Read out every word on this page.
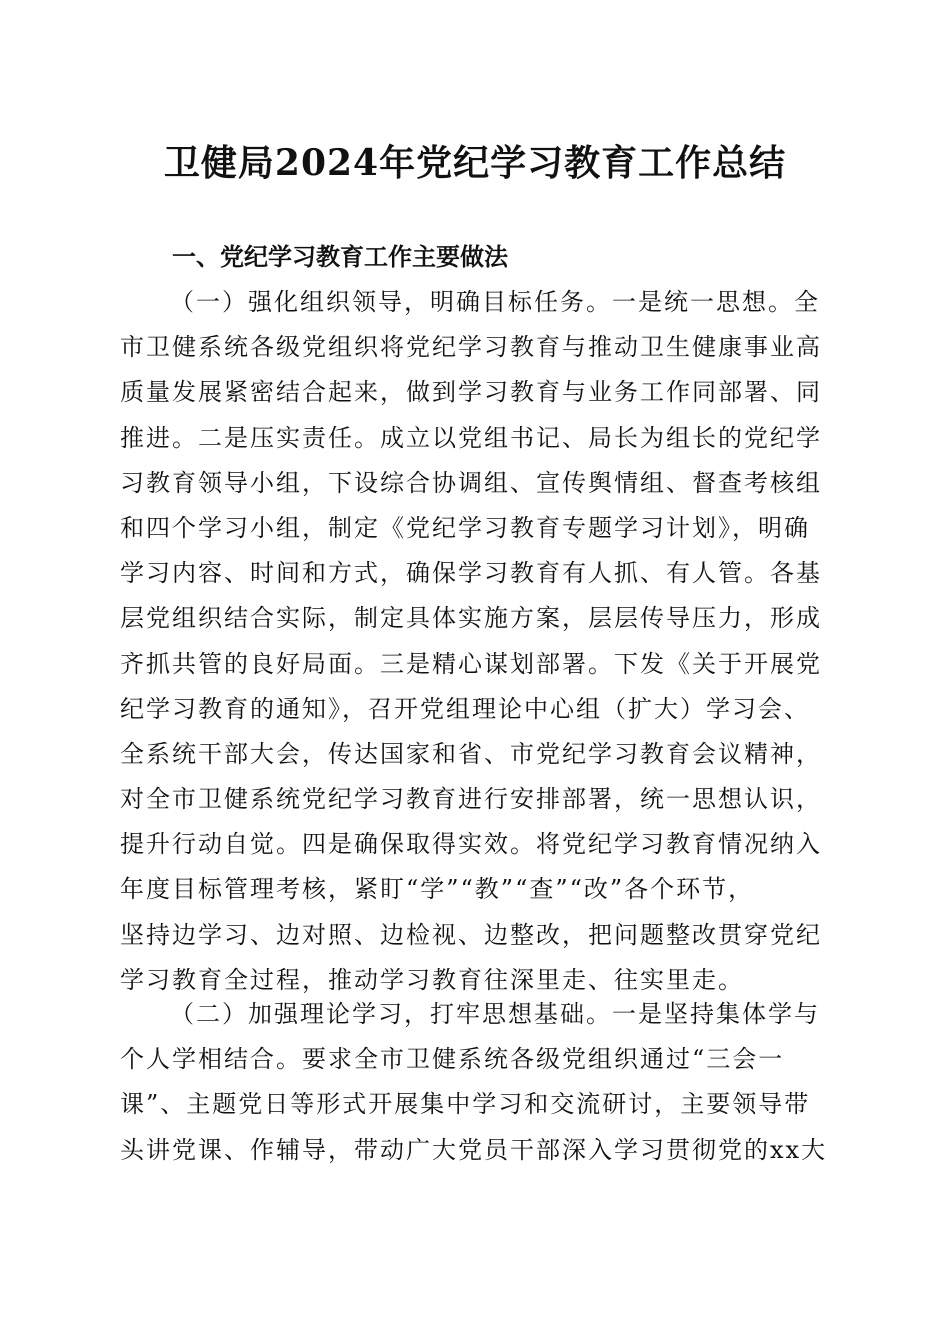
卫健局2024年党纪学习教育工作总结
一、党纪学习教育工作主要做法
（一）强化组织领导，明确目标任务。一是统一思想。全
市卫健系统各级党组织将党纪学习教育与推动卫生健康事业高
质量发展紧密结合起来，做到学习教育与业务工作同部署、同
推进。二是压实责任。成立以党组书记、局长为组长的党纪学
习教育领导小组，下设综合协调组、宣传舆情组、督查考核组
和四个学习小组，制定《党纪学习教育专题学习计划》，明确
学习内容、时间和方式，确保学习教育有人抓、有人管。各基
层党组织结合实际，制定具体实施方案，层层传导压力，形成
齐抓共管的良好局面。三是精心谋划部署。下发《关于开展党
纪学习教育的通知》，召开党组理论中心组（扩大）学习会、
全系统干部大会，传达国家和省、市党纪学习教育会议精神，
对全市卫健系统党纪学习教育进行安排部署，统一思想认识，
提升行动自觉。四是确保取得实效。将党纪学习教育情况纳入
年度目标管理考核，紧盯“学”“教”“查”“改”各个环节，
坚持边学习、边对照、边检视、边整改，把问题整改贯穿党纪
学习教育全过程，推动学习教育往深里走、往实里走。
（二）加强理论学习，打牢思想基础。一是坚持集体学与
个人学相结合。要求全市卫健系统各级党组织通过“三会一
课”、主题党日等形式开展集中学习和交流研讨，主要领导带
头讲党课、作辅导，带动广大党员干部深入学习贯彻党的xx大
